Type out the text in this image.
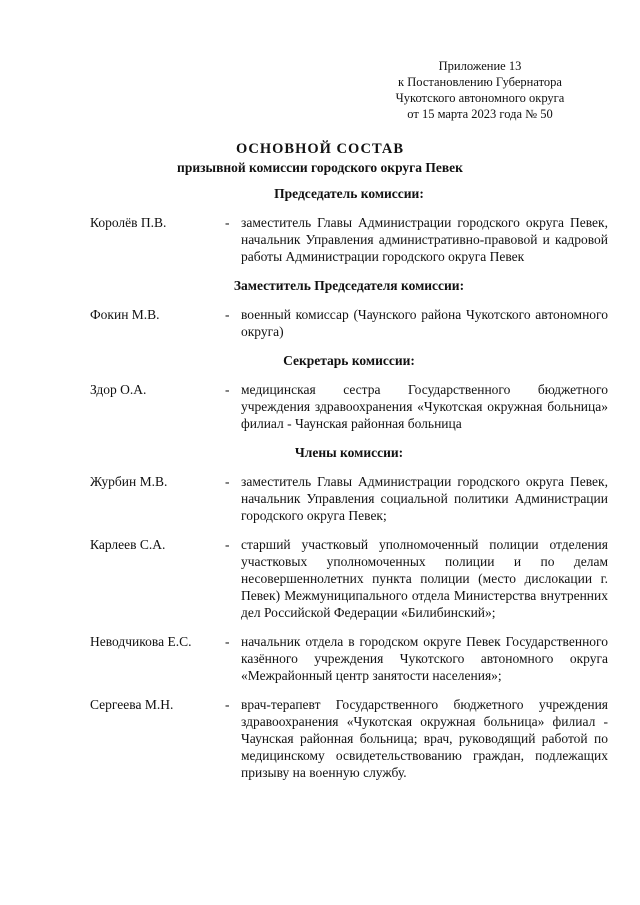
Приложение 13
к Постановлению Губернатора
Чукотского автономного округа
от 15 марта 2023 года № 50
ОСНОВНОЙ СОСТАВ
призывной комиссии городского округа Певек
Председатель комиссии:
Королёв П.В.	- заместитель Главы Администрации городского округа Певек, начальник Управления административно-правовой и кадровой работы Администрации городского округа Певек
Заместитель Председателя комиссии:
Фокин М.В.	- военный комиссар (Чаунского района Чукотского автономного округа)
Секретарь комиссии:
Здор О.А.	- медицинская сестра Государственного бюджетного учреждения здравоохранения «Чукотская окружная больница» филиал - Чаунская районная больница
Члены комиссии:
Журбин М.В.	- заместитель Главы Администрации городского округа Певек, начальник Управления социальной политики Администрации городского округа Певек;
Карлеев С.А.	- старший участковый уполномоченный полиции отделения участковых уполномоченных полиции и по делам несовершеннолетних пункта полиции (место дислокации г. Певек) Межмуниципального отдела Министерства внутренних дел Российской Федерации «Билибинский»;
Неводчикова Е.С.	- начальник отдела в городском округе Певек Государственного казённого учреждения Чукотского автономного округа «Межрайонный центр занятости населения»;
Сергеева М.Н.	- врач-терапевт Государственного бюджетного учреждения здравоохранения «Чукотская окружная больница» филиал - Чаунская районная больница; врач, руководящий работой по медицинскому освидетельствованию граждан, подлежащих призыву на военную службу.
